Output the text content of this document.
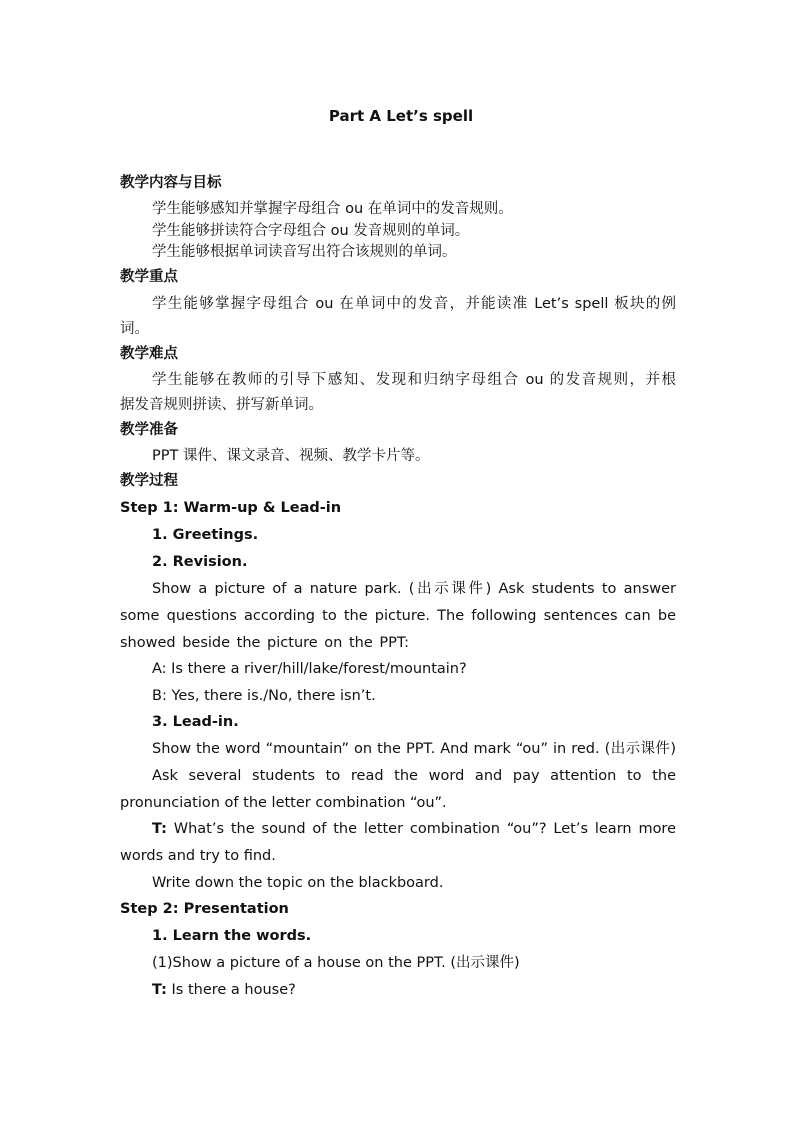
Part A Let’s spell
教学内容与目标
学生能够感知并掌握字母组合 ou 在单词中的发音规则。
学生能够拼读符合字母组合 ou 发音规则的单词。
学生能够根据单词读音写出符合该规则的单词。
教学重点
学生能够掌握字母组合 ou 在单词中的发音，并能读准 Let’s spell 板块的例
词。
教学难点
学生能够在教师的引导下感知、发现和归纳字母组合 ou 的发音规则，并根
据发音规则拼读、拼写新单词。
教学准备
PPT 课件、课文录音、视频、教学卡片等。
教学过程
Step 1: Warm-up & Lead-in
1. Greetings.
2. Revision.
Show a picture of a nature park. (出示课件) Ask students to answer
some questions according to the picture. The following sentences can be
showed beside the picture on the PPT:
A: Is there a river/hill/lake/forest/mountain?
B: Yes, there is./No, there isn’t.
3. Lead-in.
Show the word “mountain” on the PPT. And mark “ou” in red. (出示课件)
Ask several students to read the word and pay attention to the
pronunciation of the letter combination “ou”.
T: What’s the sound of the letter combination “ou”? Let’s learn more
words and try to find.
Write down the topic on the blackboard.
Step 2: Presentation
1. Learn the words.
(1)Show a picture of a house on the PPT. (出示课件)
T: Is there a house?
